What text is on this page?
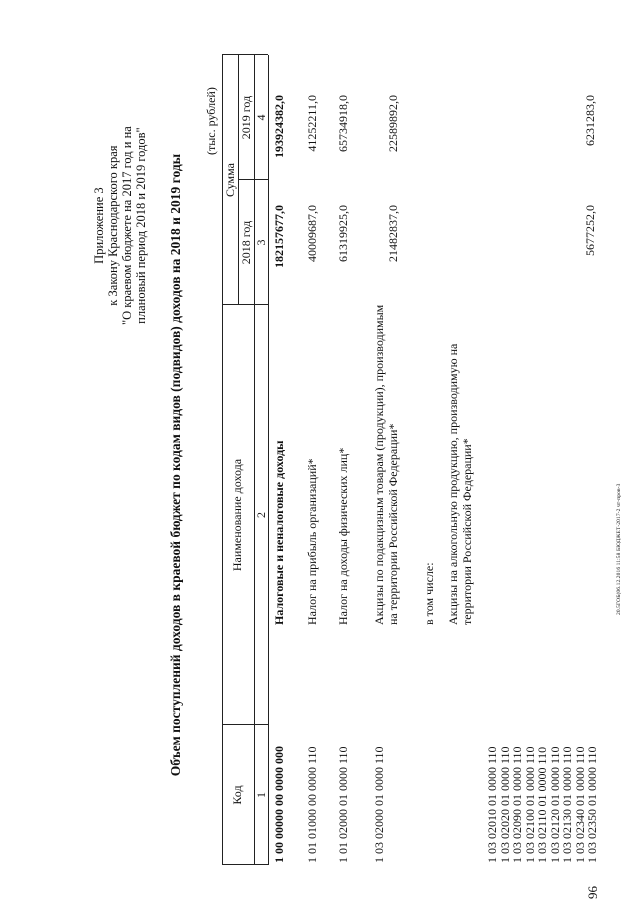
96
Приложение 3 к Закону Краснодарского края "О краевом бюджете на 2017 год и на плановый период 2018 и 2019 годов" Объем поступлений доходов в краевой бюджет по кодам видов (подвидов) доходов на 2018 и 2019 годы
(тыс. рублей)
Код
Наименование дохода
Сумма
2018 год
2019 год
1
2
3
4
1 00 00000 00 0000 000
Налоговые и неналоговые доходы
182157677,0
193924382,0
1 01 01000 00 0000 110
Налог на прибыль организаций*
40009687,0
41252211,0
1 01 02000 01 0000 110
Налог на доходы физических лиц*
61319925,0
65734918,0
1 03 02000 01 0000 110
Акцизы по подакцизным товарам (продукции), производимым на территории Российской Федерации*
21482837,0
22589892,0
в том числе: Акцизы на алкогольную продукцию, производимую на территории Российской Федерации*
5677252,0
6231283,0
1 03 02010 01 0000 110
1 03 02020 01 0000 110
1 03 02090 01 0000 110
1 03 02100 01 0000 110
1 03 02110 01 0000 110
1 03 02120 01 0000 110
1 03 02130 01 0000 110
1 03 02340 01 0000 110
1 03 02350 01 0000 110
20.5ГОБ(06.12.2016 11:58 БЮДЖЕТ-2017-2 чт-пров-3
